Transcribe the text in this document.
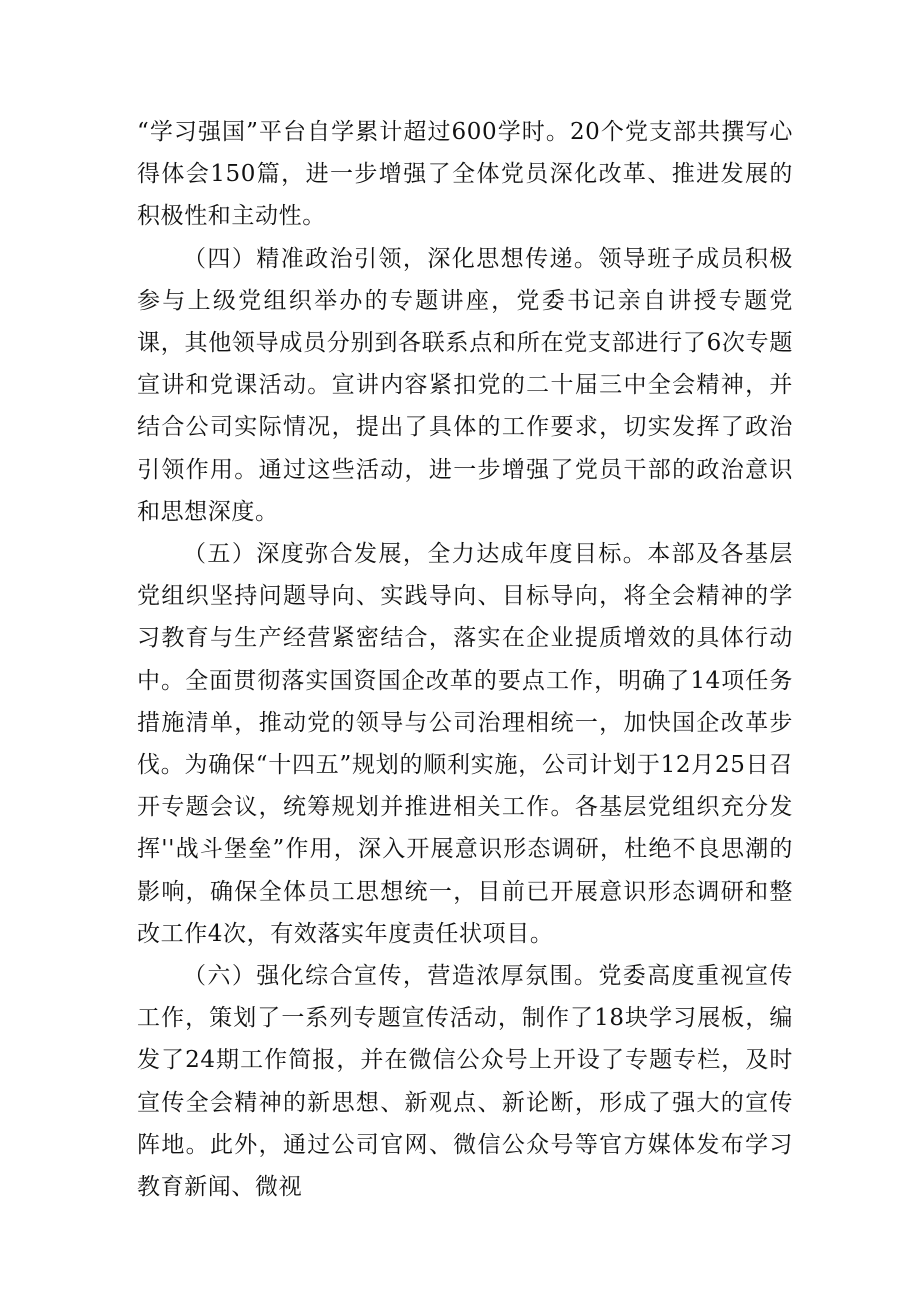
“学习强国”平台自学累计超过600学时。20个党支部共撰写心得体会150篇，进一步增强了全体党员深化改革、推进发展的积极性和主动性。

（四）精准政治引领，深化思想传递。领导班子成员积极参与上级党组织举办的专题讲座，党委书记亲自讲授专题党课，其他领导成员分别到各联系点和所在党支部进行了6次专题宣讲和党课活动。宣讲内容紧扣党的二十届三中全会精神，并结合公司实际情况，提出了具体的工作要求，切实发挥了政治引领作用。通过这些活动，进一步增强了党员干部的政治意识和思想深度。

（五）深度弥合发展，全力达成年度目标。本部及各基层党组织坚持问题导向、实践导向、目标导向，将全会精神的学习教育与生产经营紧密结合，落实在企业提质增效的具体行动中。全面贯彻落实国资国企改革的要点工作，明确了14项任务措施清单，推动党的领导与公司治理相统一，加快国企改革步伐。为确保“十四五”规划的顺利实施，公司计划于12月25日召开专题会议，统筹规划并推进相关工作。各基层党组织充分发挥''战斗堡垒”作用，深入开展意识形态调研，杜绝不良思潮的影响，确保全体员工思想统一，目前已开展意识形态调研和整改工作4次，有效落实年度责任状项目。

（六）强化综合宣传，营造浓厚氛围。党委高度重视宣传工作，策划了一系列专题宣传活动，制作了18块学习展板，编发了24期工作简报，并在微信公众号上开设了专题专栏，及时宣传全会精神的新思想、新观点、新论断，形成了强大的宣传阵地。此外，通过公司官网、微信公众号等官方媒体发布学习教育新闻、微视
